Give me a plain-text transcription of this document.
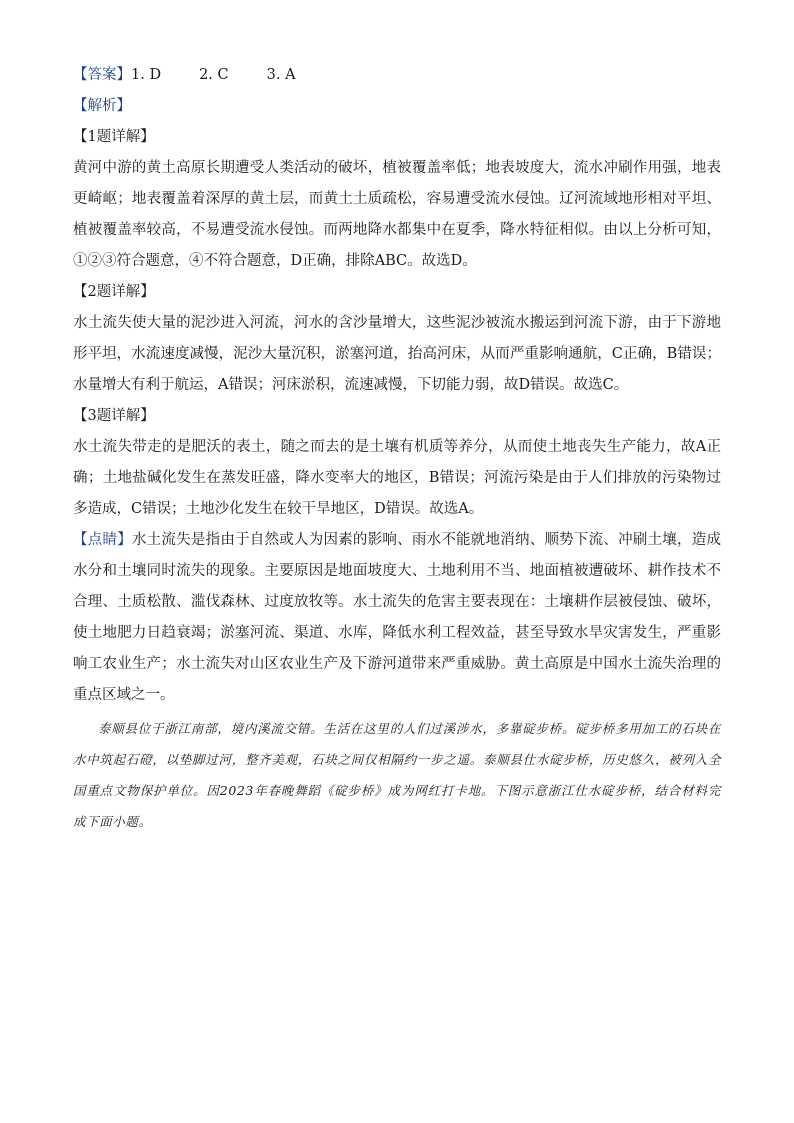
【答案】1. D	2. C	3. A
【解析】
【1题详解】
黄河中游的黄土高原长期遭受人类活动的破坏，植被覆盖率低；地表坡度大，流水冲刷作用强，地表更崎岖；地表覆盖着深厚的黄土层，而黄土土质疏松，容易遭受流水侵蚀。辽河流域地形相对平坦、植被覆盖率较高，不易遭受流水侵蚀。而两地降水都集中在夏季，降水特征相似。由以上分析可知，①②③符合题意，④不符合题意，D正确，排除ABC。故选D。
【2题详解】
水土流失使大量的泥沙进入河流，河水的含沙量增大，这些泥沙被流水搬运到河流下游，由于下游地形平坦，水流速度减慢，泥沙大量沉积，淤塞河道，抬高河床，从而严重影响通航，C正确，B错误；水量增大有利于航运，A错误；河床淤积，流速减慢，下切能力弱，故D错误。故选C。
【3题详解】
水土流失带走的是肥沃的表土，随之而去的是土壤有机质等养分，从而使土地丧失生产能力，故A正确；土地盐碱化发生在蒸发旺盛，降水变率大的地区，B错误；河流污染是由于人们排放的污染物过多造成，C错误；土地沙化发生在较干旱地区，D错误。故选A。
【点睛】水土流失是指由于自然或人为因素的影响、雨水不能就地消纳、顺势下流、冲刷土壤，造成水分和土壤同时流失的现象。主要原因是地面坡度大、土地利用不当、地面植被遭破坏、耕作技术不合理、土质松散、滥伐森林、过度放牧等。水土流失的危害主要表现在：土壤耕作层被侵蚀、破坏，使土地肥力日趋衰竭；淤塞河流、渠道、水库，降低水利工程效益，甚至导致水旱灾害发生，严重影响工农业生产；水土流失对山区农业生产及下游河道带来严重威胁。黄土高原是中国水土流失治理的重点区域之一。
泰顺县位于浙江南部，境内溪流交错。生活在这里的人们过溪涉水，多靠碇步桥。碇步桥多用加工的石块在水中筑起石磴，以垫脚过河，整齐美观，石块之间仅相隔约一步之遥。泰顺县仕水碇步桥，历史悠久，被列入全国重点文物保护单位。因2023年春晚舞蹈《碇步桥》成为网红打卡地。下图示意浙江仕水碇步桥，结合材料完成下面小题。
